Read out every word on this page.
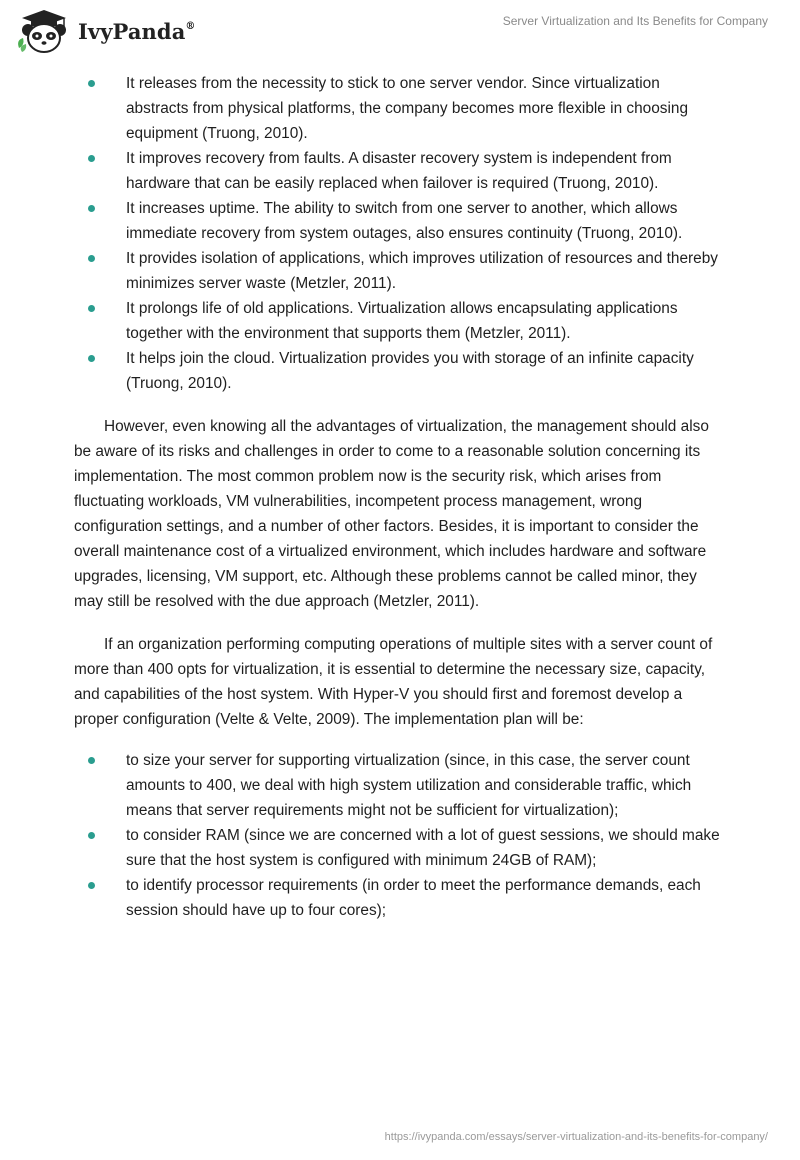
IvyPanda®	Server Virtualization and Its Benefits for Company
It releases from the necessity to stick to one server vendor. Since virtualization abstracts from physical platforms, the company becomes more flexible in choosing equipment (Truong, 2010).
It improves recovery from faults. A disaster recovery system is independent from hardware that can be easily replaced when failover is required (Truong, 2010).
It increases uptime. The ability to switch from one server to another, which allows immediate recovery from system outages, also ensures continuity (Truong, 2010).
It provides isolation of applications, which improves utilization of resources and thereby minimizes server waste (Metzler, 2011).
It prolongs life of old applications. Virtualization allows encapsulating applications together with the environment that supports them (Metzler, 2011).
It helps join the cloud. Virtualization provides you with storage of an infinite capacity (Truong, 2010).

However, even knowing all the advantages of virtualization, the management should also be aware of its risks and challenges in order to come to a reasonable solution concerning its implementation. The most common problem now is the security risk, which arises from fluctuating workloads, VM vulnerabilities, incompetent process management, wrong configuration settings, and a number of other factors. Besides, it is important to consider the overall maintenance cost of a virtualized environment, which includes hardware and software upgrades, licensing, VM support, etc. Although these problems cannot be called minor, they may still be resolved with the due approach (Metzler, 2011).

If an organization performing computing operations of multiple sites with a server count of more than 400 opts for virtualization, it is essential to determine the necessary size, capacity, and capabilities of the host system. With Hyper-V you should first and foremost develop a proper configuration (Velte & Velte, 2009). The implementation plan will be:

to size your server for supporting virtualization (since, in this case, the server count amounts to 400, we deal with high system utilization and considerable traffic, which means that server requirements might not be sufficient for virtualization);
to consider RAM (since we are concerned with a lot of guest sessions, we should make sure that the host system is configured with minimum 24GB of RAM);
to identify processor requirements (in order to meet the performance demands, each session should have up to four cores);
https://ivypanda.com/essays/server-virtualization-and-its-benefits-for-company/
